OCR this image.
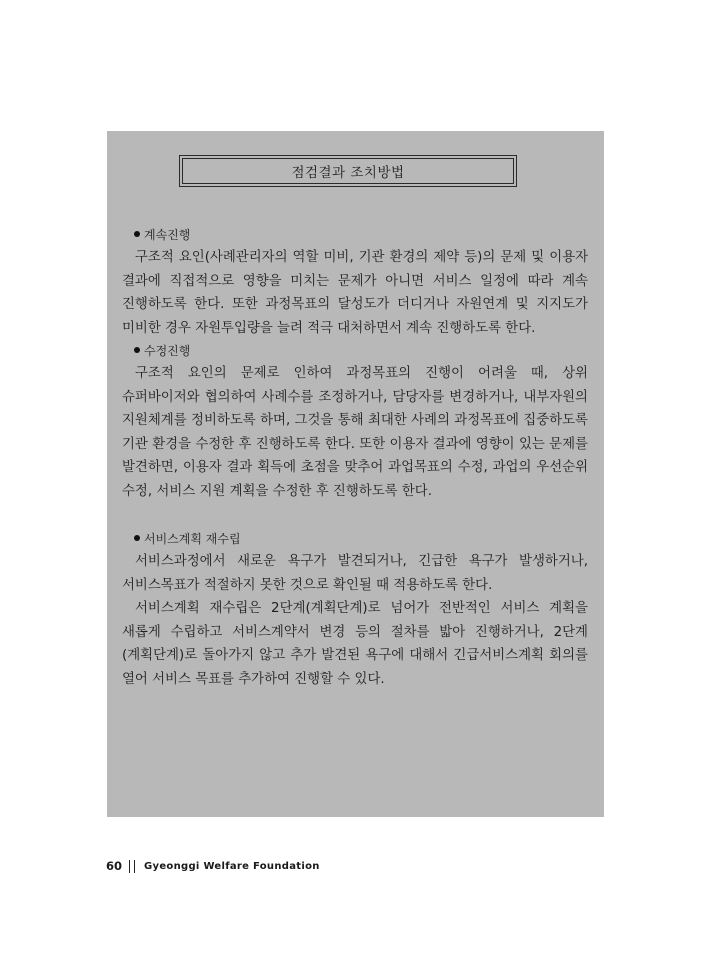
점검결과 조치방법
계속진행

구조적 요인(사례관리자의 역할 미비, 기관 환경의 제약 등)의 문제 및 이용자 결과에 직접적으로 영향을 미치는 문제가 아니면 서비스 일정에 따라 계속 진행하도록 한다. 또한 과정목표의 달성도가 더디거나 자원연계 및 지지도가 미비한 경우 자원투입량을 늘려 적극 대처하면서 계속 진행하도록 한다.

수정진행

구조적 요인의 문제로 인하여 과정목표의 진행이 어려울 때, 상위 슈퍼바이저와 협의하여 사례수를 조정하거나, 담당자를 변경하거나, 내부자원의 지원체계를 정비하도록 하며, 그것을 통해 최대한 사례의 과정목표에 집중하도록 기관 환경을 수정한 후 진행하도록 한다. 또한 이용자 결과에 영향이 있는 문제를 발견하면, 이용자 결과 획득에 초점을 맞추어 과업목표의 수정, 과업의 우선순위 수정, 서비스 지원 계획을 수정한 후 진행하도록 한다.

서비스계획 재수립

서비스과정에서 새로운 욕구가 발견되거나, 긴급한 욕구가 발생하거나, 서비스목표가 적절하지 못한 것으로 확인될 때 적용하도록 한다.

서비스계획 재수립은 2단계(계획단계)로 넘어가 전반적인 서비스 계획을 새롭게 수립하고 서비스계약서 변경 등의 절차를 밟아 진행하거나, 2단계(계획단계)로 돌아가지 않고 추가 발견된 욕구에 대해서 긴급서비스계획 회의를 열어 서비스 목표를 추가하여 진행할 수 있다.

60 Gyeonggi Welfare Foundation
